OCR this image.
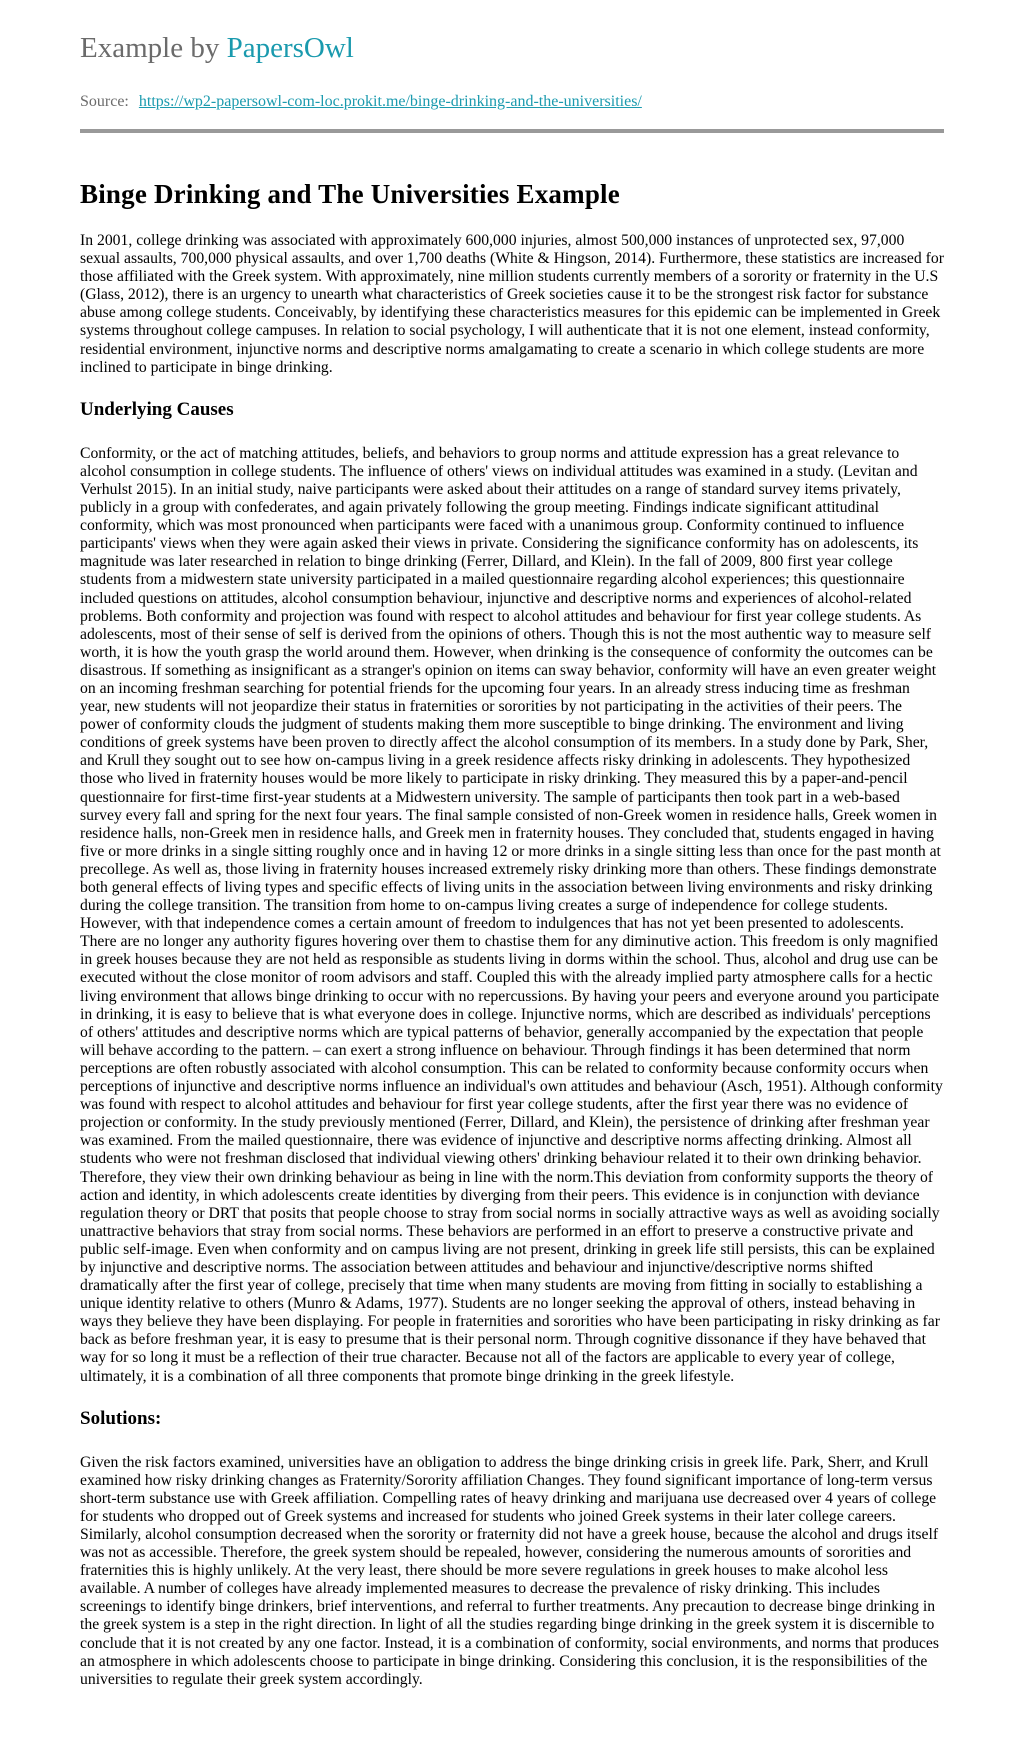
Example by PapersOwl
Source: https://wp2-papersowl-com-loc.prokit.me/binge-drinking-and-the-universities/
Binge Drinking and The Universities Example

In 2001, college drinking was associated with approximately 600,000 injuries, almost 500,000 instances of unprotected sex, 97,000 sexual assaults, 700,000 physical assaults, and over 1,700 deaths (White & Hingson, 2014). Furthermore, these statistics are increased for those affiliated with the Greek system. With approximately, nine million students currently members of a sorority or fraternity in the U.S (Glass, 2012), there is an urgency to unearth what characteristics of Greek societies cause it to be the strongest risk factor for substance abuse among college students. Conceivably, by identifying these characteristics measures for this epidemic can be implemented in Greek systems throughout college campuses. In relation to social psychology, I will authenticate that it is not one element, instead conformity, residential environment, injunctive norms and descriptive norms amalgamating to create a scenario in which college students are more inclined to participate in binge drinking.

Underlying Causes

Conformity, or the act of matching attitudes, beliefs, and behaviors to group norms and attitude expression has a great relevance to alcohol consumption in college students. The influence of others' views on individual attitudes was examined in a study. (Levitan and Verhulst 2015). In an initial study, naive participants were asked about their attitudes on a range of standard survey items privately, publicly in a group with confederates, and again privately following the group meeting. Findings indicate significant attitudinal conformity, which was most pronounced when participants were faced with a unanimous group. Conformity continued to influence participants' views when they were again asked their views in private. Considering the significance conformity has on adolescents, its magnitude was later researched in relation to binge drinking (Ferrer, Dillard, and Klein). In the fall of 2009, 800 first year college students from a midwestern state university participated in a mailed questionnaire regarding alcohol experiences; this questionnaire included questions on attitudes, alcohol consumption behaviour, injunctive and descriptive norms and experiences of alcohol-related problems. Both conformity and projection was found with respect to alcohol attitudes and behaviour for first year college students. As adolescents, most of their sense of self is derived from the opinions of others. Though this is not the most authentic way to measure self worth, it is how the youth grasp the world around them. However, when drinking is the consequence of conformity the outcomes can be disastrous. If something as insignificant as a stranger's opinion on items can sway behavior, conformity will have an even greater weight on an incoming freshman searching for potential friends for the upcoming four years. In an already stress inducing time as freshman year, new students will not jeopardize their status in fraternities or sororities by not participating in the activities of their peers. The power of conformity clouds the judgment of students making them more susceptible to binge drinking. The environment and living conditions of greek systems have been proven to directly affect the alcohol consumption of its members. In a study done by Park, Sher, and Krull they sought out to see how on-campus living in a greek residence affects risky drinking in adolescents. They hypothesized those who lived in fraternity houses would be more likely to participate in risky drinking. They measured this by a paper-and-pencil questionnaire for first-time first-year students at a Midwestern university. The sample of participants then took part in a web-based survey every fall and spring for the next four years. The final sample consisted of non-Greek women in residence halls, Greek women in residence halls, non-Greek men in residence halls, and Greek men in fraternity houses. They concluded that, students engaged in having five or more drinks in a single sitting roughly once and in having 12 or more drinks in a single sitting less than once for the past month at precollege. As well as, those living in fraternity houses increased extremely risky drinking more than others. These findings demonstrate both general effects of living types and specific effects of living units in the association between living environments and risky drinking during the college transition. The transition from home to on-campus living creates a surge of independence for college students. However, with that independence comes a certain amount of freedom to indulgences that has not yet been presented to adolescents. There are no longer any authority figures hovering over them to chastise them for any diminutive action. This freedom is only magnified in greek houses because they are not held as responsible as students living in dorms within the school. Thus, alcohol and drug use can be executed without the close monitor of room advisors and staff. Coupled this with the already implied party atmosphere calls for a hectic living environment that allows binge drinking to occur with no repercussions. By having your peers and everyone around you participate in drinking, it is easy to believe that is what everyone does in college. Injunctive norms, which are described as individuals' perceptions of others' attitudes and descriptive norms which are typical patterns of behavior, generally accompanied by the expectation that people will behave according to the pattern. – can exert a strong influence on behaviour. Through findings it has been determined that norm perceptions are often robustly associated with alcohol consumption. This can be related to conformity because conformity occurs when perceptions of injunctive and descriptive norms influence an individual's own attitudes and behaviour (Asch, 1951). Although conformity was found with respect to alcohol attitudes and behaviour for first year college students, after the first year there was no evidence of projection or conformity. In the study previously mentioned (Ferrer, Dillard, and Klein), the persistence of drinking after freshman year was examined. From the mailed questionnaire, there was evidence of injunctive and descriptive norms affecting drinking. Almost all students who were not freshman disclosed that individual viewing others' drinking behaviour related it to their own drinking behavior. Therefore, they view their own drinking behaviour as being in line with the norm.This deviation from conformity supports the theory of action and identity, in which adolescents create identities by diverging from their peers. This evidence is in conjunction with deviance regulation theory or DRT that posits that people choose to stray from social norms in socially attractive ways as well as avoiding socially unattractive behaviors that stray from social norms. These behaviors are performed in an effort to preserve a constructive private and public self-image. Even when conformity and on campus living are not present, drinking in greek life still persists, this can be explained by injunctive and descriptive norms. The association between attitudes and behaviour and injunctive/descriptive norms shifted dramatically after the first year of college, precisely that time when many students are moving from fitting in socially to establishing a unique identity relative to others (Munro & Adams, 1977). Students are no longer seeking the approval of others, instead behaving in ways they believe they have been displaying. For people in fraternities and sororities who have been participating in risky drinking as far back as before freshman year, it is easy to presume that is their personal norm. Through cognitive dissonance if they have behaved that way for so long it must be a reflection of their true character. Because not all of the factors are applicable to every year of college, ultimately, it is a combination of all three components that promote binge drinking in the greek lifestyle.

Solutions:

Given the risk factors examined, universities have an obligation to address the binge drinking crisis in greek life. Park, Sherr, and Krull examined how risky drinking changes as Fraternity/Sorority affiliation Changes. They found significant importance of long-term versus short-term substance use with Greek affiliation. Compelling rates of heavy drinking and marijuana use decreased over 4 years of college for students who dropped out of Greek systems and increased for students who joined Greek systems in their later college careers. Similarly, alcohol consumption decreased when the sorority or fraternity did not have a greek house, because the alcohol and drugs itself was not as accessible. Therefore, the greek system should be repealed, however, considering the numerous amounts of sororities and fraternities this is highly unlikely. At the very least, there should be more severe regulations in greek houses to make alcohol less available. A number of colleges have already implemented measures to decrease the prevalence of risky drinking. This includes screenings to identify binge drinkers, brief interventions, and referral to further treatments. Any precaution to decrease binge drinking in the greek system is a step in the right direction. In light of all the studies regarding binge drinking in the greek system it is discernible to conclude that it is not created by any one factor. Instead, it is a combination of conformity, social environments, and norms that produces an atmosphere in which adolescents choose to participate in binge drinking. Considering this conclusion, it is the responsibilities of the universities to regulate their greek system accordingly.
